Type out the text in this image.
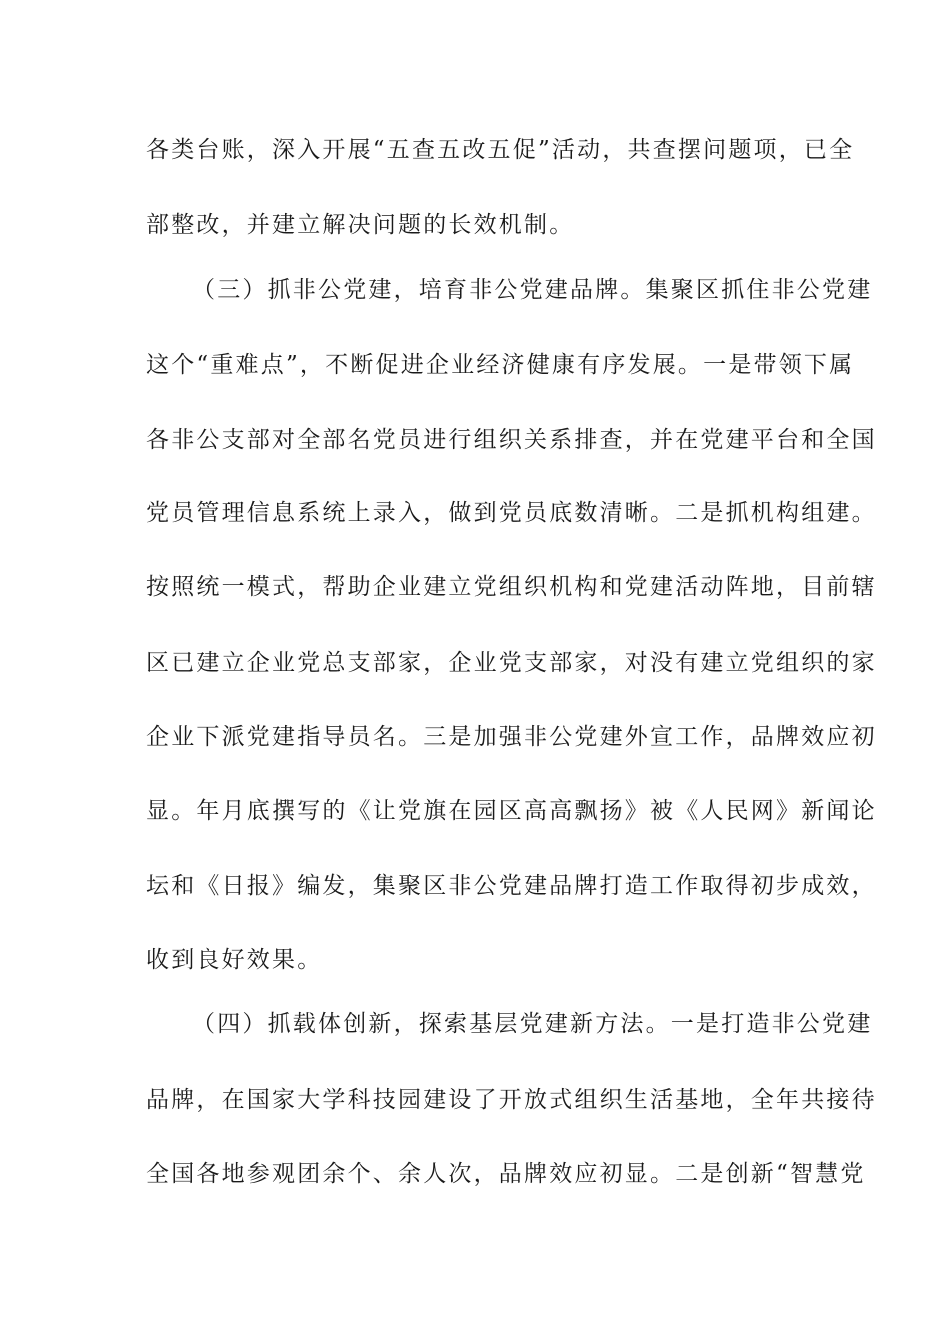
各类台账，深入开展“五查五改五促”活动，共查摆问题项，已全
部整改，并建立解决问题的长效机制。
（三）抓非公党建，培育非公党建品牌。集聚区抓住非公党建
这个“重难点”，不断促进企业经济健康有序发展。一是带领下属
各非公支部对全部名党员进行组织关系排查，并在党建平台和全国
党员管理信息系统上录入，做到党员底数清晰。二是抓机构组建。
按照统一模式，帮助企业建立党组织机构和党建活动阵地，目前辖
区已建立企业党总支部家，企业党支部家，对没有建立党组织的家
企业下派党建指导员名。三是加强非公党建外宣工作，品牌效应初
显。年月底撰写的《让党旗在园区高高飘扬》被《人民网》新闻论
坛和《日报》编发，集聚区非公党建品牌打造工作取得初步成效，
收到良好效果。
（四）抓载体创新，探索基层党建新方法。一是打造非公党建
品牌，在国家大学科技园建设了开放式组织生活基地，全年共接待
全国各地参观团余个、余人次，品牌效应初显。二是创新“智慧党
